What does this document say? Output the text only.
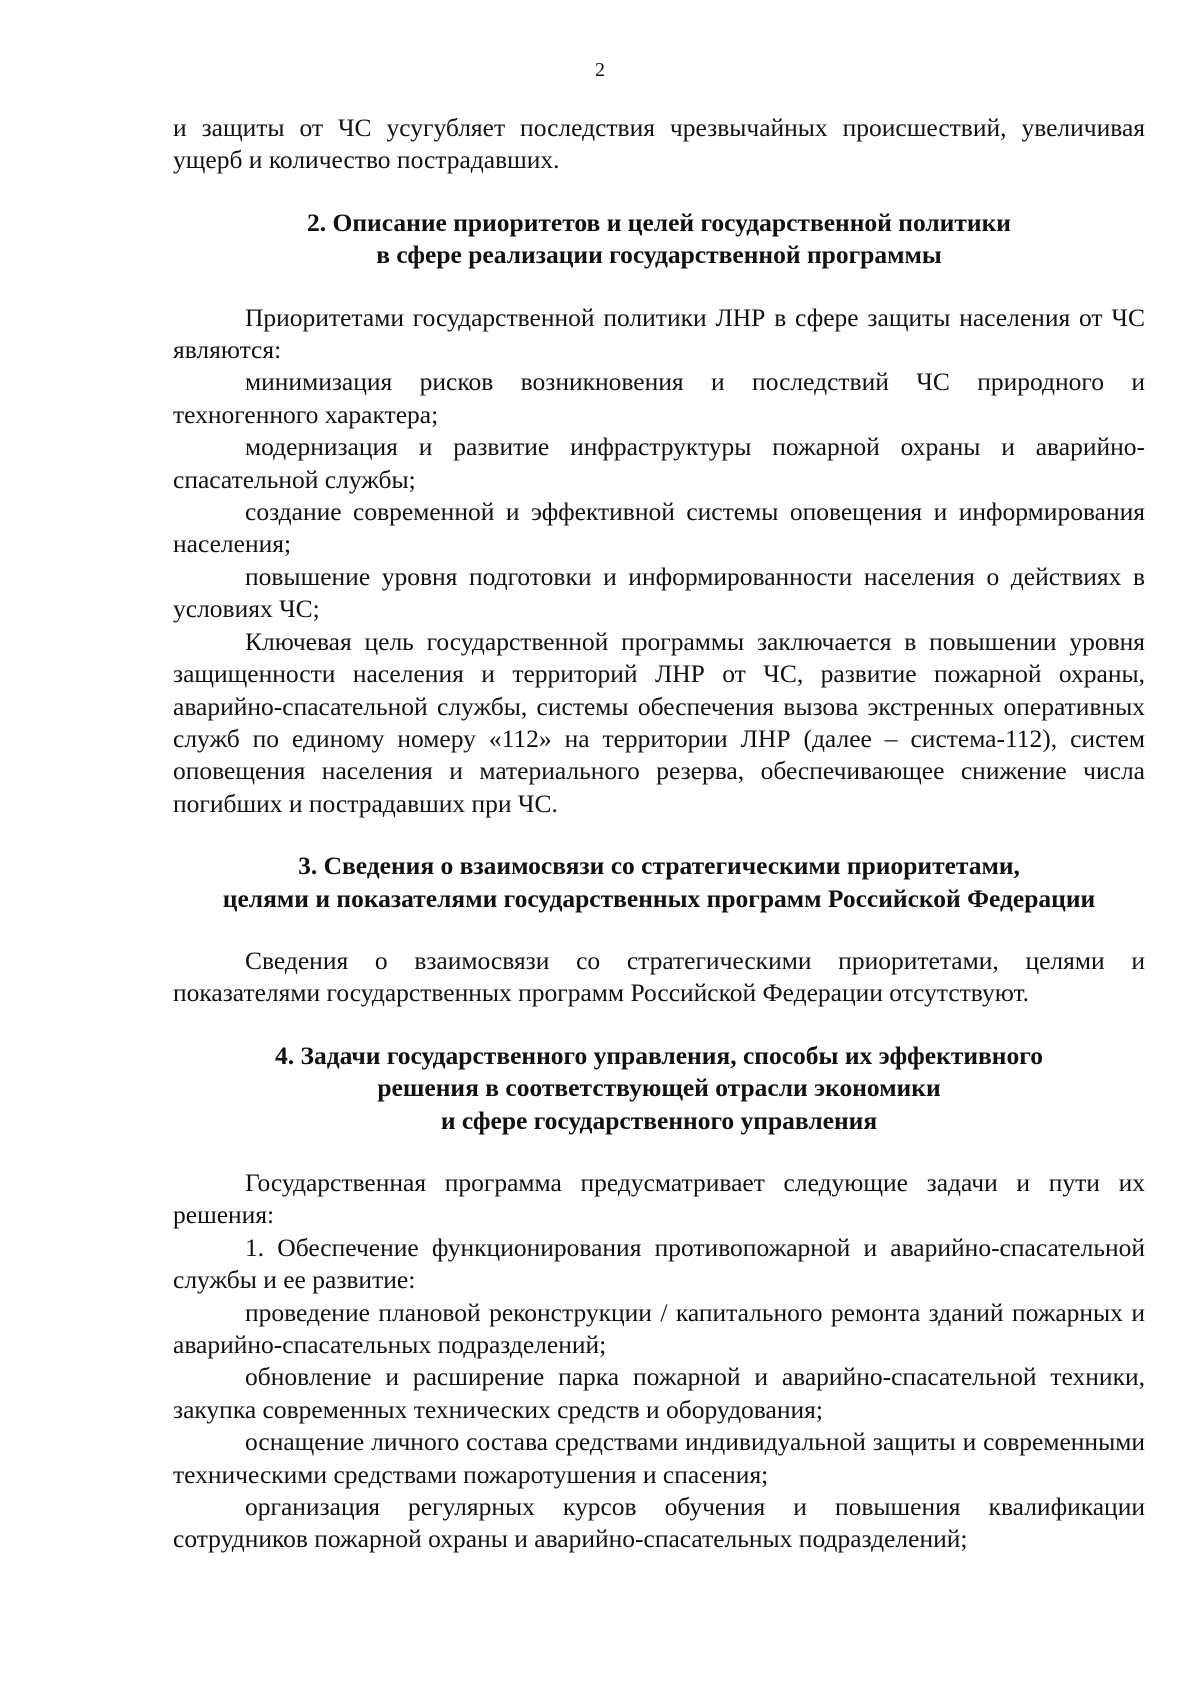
2

и защиты от ЧС усугубляет последствия чрезвычайных происшествий, увеличивая ущерб и количество пострадавших.

2. Описание приоритетов и целей государственной политики
в сфере реализации государственной программы

Приоритетами государственной политики ЛНР в сфере защиты населения от ЧС являются:

минимизация рисков возникновения и последствий ЧС природного и техногенного характера;

модернизация и развитие инфраструктуры пожарной охраны и аварийно-спасательной службы;

создание современной и эффективной системы оповещения и информирования населения;

повышение уровня подготовки и информированности населения о действиях в условиях ЧС;

Ключевая цель государственной программы заключается в повышении уровня защищенности населения и территорий ЛНР от ЧС, развитие пожарной охраны, аварийно-спасательной службы, системы обеспечения вызова экстренных оперативных служб по единому номеру «112» на территории ЛНР (далее – система-112), систем оповещения населения и материального резерва, обеспечивающее снижение числа погибших и пострадавших при ЧС.

3. Сведения о взаимосвязи со стратегическими приоритетами,
целями и показателями государственных программ Российской Федерации

Сведения о взаимосвязи со стратегическими приоритетами, целями и показателями государственных программ Российской Федерации отсутствуют.

4. Задачи государственного управления, способы их эффективного
решения в соответствующей отрасли экономики
и сфере государственного управления

Государственная программа предусматривает следующие задачи и пути их решения:

1. Обеспечение функционирования противопожарной и аварийно-спасательной службы и ее развитие:

проведение плановой реконструкции / капитального ремонта зданий пожарных и аварийно-спасательных подразделений;

обновление и расширение парка пожарной и аварийно-спасательной техники, закупка современных технических средств и оборудования;

оснащение личного состава средствами индивидуальной защиты и современными техническими средствами пожаротушения и спасения;

организация регулярных курсов обучения и повышения квалификации сотрудников пожарной охраны и аварийно-спасательных подразделений;
